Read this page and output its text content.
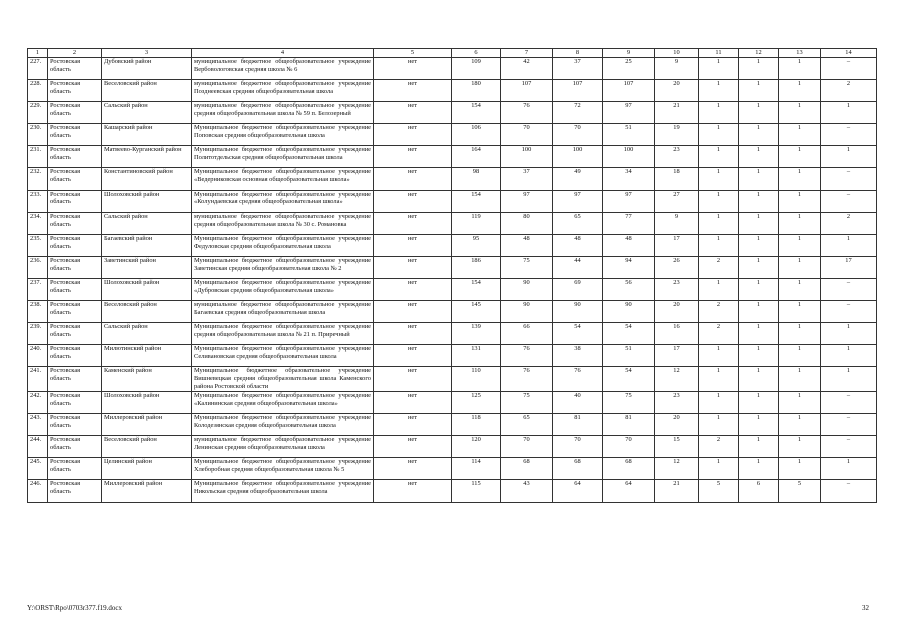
1	2	3	4	5	6	7	8	9	10	11	12	13	14
227.	Ростовская область	Дубовский район	муниципальное бюджетное общеобразовательное учреждение Вербовологовская средняя школа № 6	нет	109	42	37	25	9	1	1	1	–
228.	Ростовская область	Веселовский район	муниципальное бюджетное общеобразовательное учреждение Позднеевская средняя общеобразовательная школа	нет	180	107	107	107	20	1	1	1	2
229.	Ростовская область	Сальский район	муниципальное бюджетное общеобразовательное учреждение средняя общеобразовательная школа № 59 п. Белозерный	нет	154	76	72	97	21	1	1	1	1
230.	Ростовская область	Кашарский район	Муниципальное бюджетное общеобразовательное учреждение Поповская средняя общеобразовательная школа	нет	106	70	70	51	19	1	1	1	–
231.	Ростовская область	Матвеево-Курганский район	Муниципальное бюджетное общеобразовательное учреждение Политотдельская средняя общеобразовательная школа	нет	164	100	100	100	23	1	1	1	1
232.	Ростовская область	Константиновский район	Муниципальное бюджетное общеобразовательное учреждение «Ведерниковская основная общеобразовательная школа»	нет	98	37	49	34	18	1	1	1	–
233.	Ростовская область	Шолоховский район	Муниципальное бюджетное общеобразовательное учреждение «Колундаевская средняя общеобразовательная школа»	нет	154	97	97	97	27	1	1	1	–
234.	Ростовская область	Сальский район	муниципальное бюджетное общеобразовательное учреждение средняя общеобразовательная школа № 30 с. Романовка	нет	119	80	65	77	9	1	1	1	2
235.	Ростовская область	Багаевский район	Муниципальное бюджетное общеобразовательное учреждение Федуловская средняя общеобразовательная школа	нет	95	48	48	48	17	1	1	1	1
236.	Ростовская область	Заветинский район	Муниципальное бюджетное общеобразовательное учреждение Заветинская средняя общеобразовательная школа № 2	нет	186	75	44	94	26	2	1	1	17
237.	Ростовская область	Шолоховский район	Муниципальное бюджетное общеобразовательное учреждение «Дубровская средняя общеобразовательная школа»	нет	154	90	69	56	23	1	1	1	–
238.	Ростовская область	Веселовский район	муниципальное бюджетное общеобразовательное учреждение Багаевская средняя общеобразовательная школа	нет	145	90	90	90	20	2	1	1	–
239.	Ростовская область	Сальский район	Муниципальное бюджетное общеобразовательное учреждение средняя общеобразовательная школа № 21 п. Приречный	нет	139	66	54	54	16	2	1	1	1
240.	Ростовская область	Милютинский район	Муниципальное бюджетное общеобразовательное учреждение Селивановская средняя общеобразовательная школа	нет	131	76	38	51	17	1	1	1	1
241.	Ростовская область	Каменский район	Муниципальное бюджетное образовательное учреждение Вишневецкая средняя общеобразовательная школа Каменского района Ростовской области	нет	110	76	76	54	12	1	1	1	1
242.	Ростовская область	Шолоховский район	Муниципальное бюджетное общеобразовательное учреждение «Калининская средняя общеобразовательная школа»	нет	125	75	40	75	23	1	1	1	–
243.	Ростовская область	Миллеровский район	Муниципальное бюджетное общеобразовательное учреждение Колодезянская средняя общеобразовательная школа	нет	118	65	81	81	20	1	1	1	–
244.	Ростовская область	Веселовский район	муниципальное бюджетное общеобразовательное учреждение Ленинская средняя общеобразовательная школа	нет	120	70	70	70	15	2	1	1	–
245.	Ростовская область	Целинский район	Муниципальное бюджетное общеобразовательное учреждение Хлеборобная средняя общеобразовательная школа № 5	нет	114	68	68	68	12	1	1	1	1
246.	Ростовская область	Миллеровский район	Муниципальное бюджетное общеобразовательное учреждение Никольская средняя общеобразовательная школа	нет	115	43	64	64	21	5	6	5	–
Y:\ORST\Rpo\0703r377.f19.docx	32
